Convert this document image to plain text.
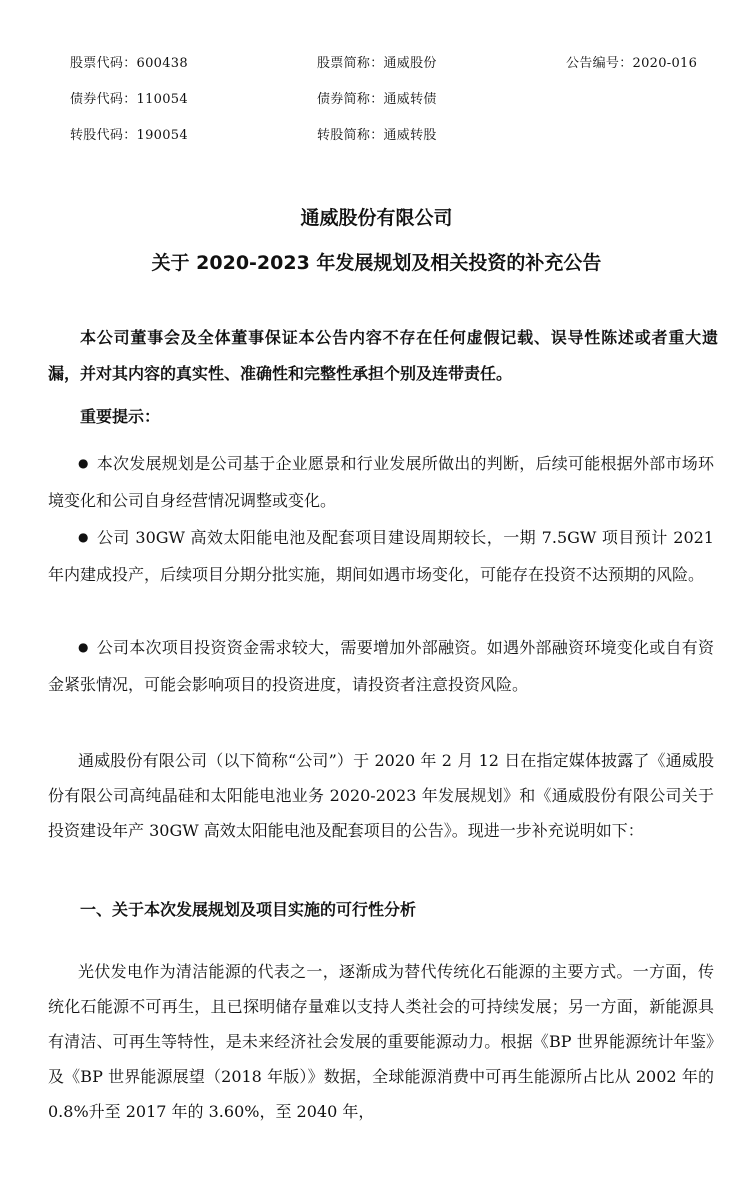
股票代码：600438	股票简称：通威股份	公告编号：2020-016
债券代码：110054	债券简称：通威转债
转股代码：190054	转股简称：通威转股
通威股份有限公司
关于 2020-2023 年发展规划及相关投资的补充公告
本公司董事会及全体董事保证本公告内容不存在任何虚假记载、误导性陈述或者重大遗漏，并对其内容的真实性、准确性和完整性承担个别及连带责任。
重要提示：
● 本次发展规划是公司基于企业愿景和行业发展所做出的判断，后续可能根据外部市场环境变化和公司自身经营情况调整或变化。
● 公司 30GW 高效太阳能电池及配套项目建设周期较长，一期 7.5GW 项目预计 2021 年内建成投产，后续项目分期分批实施，期间如遇市场变化，可能存在投资不达预期的风险。
● 公司本次项目投资资金需求较大，需要增加外部融资。如遇外部融资环境变化或自有资金紧张情况，可能会影响项目的投资进度，请投资者注意投资风险。
通威股份有限公司（以下简称“公司”）于 2020 年 2 月 12 日在指定媒体披露了《通威股份有限公司高纯晶硅和太阳能电池业务 2020-2023 年发展规划》和《通威股份有限公司关于投资建设年产 30GW 高效太阳能电池及配套项目的公告》。现进一步补充说明如下：
一、关于本次发展规划及项目实施的可行性分析
光伏发电作为清洁能源的代表之一，逐渐成为替代传统化石能源的主要方式。一方面，传统化石能源不可再生，且已探明储存量难以支持人类社会的可持续发展；另一方面，新能源具有清洁、可再生等特性，是未来经济社会发展的重要能源动力。根据《BP 世界能源统计年鉴》及《BP 世界能源展望（2018 年版）》数据，全球能源消费中可再生能源所占比从 2002 年的 0.8%升至 2017 年的 3.60%，至 2040 年，
